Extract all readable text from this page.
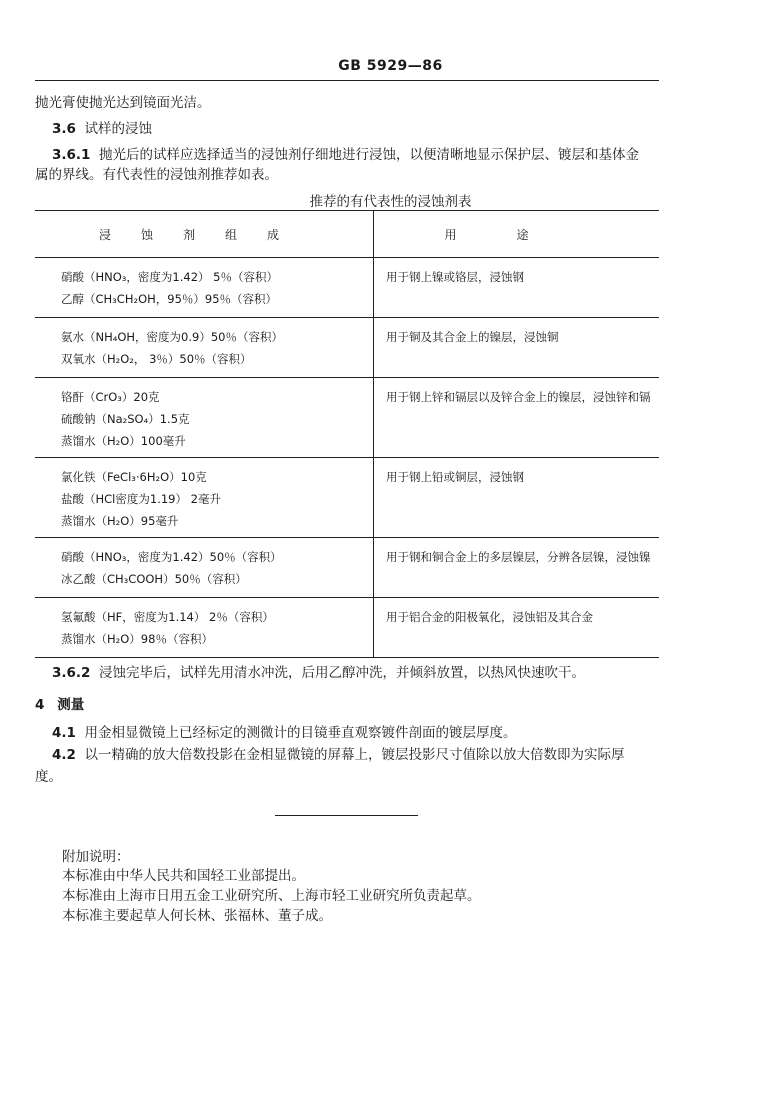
GB 5929—86
抛光膏使抛光达到镜面光洁。
3.6 试样的浸蚀
3.6.1 抛光后的试样应选择适当的浸蚀剂仔细地进行浸蚀，以便清晰地显示保护层、镀层和基体金
属的界线。有代表性的浸蚀剂推荐如表。
推荐的有代表性的浸蚀剂表
浸蚀剂组成	用途

硝酸（HNO₃，密度为1.42） 5％（容积）
乙醇（CH₃CH₂OH，95％）95％（容积）	用于钢上镍或铬层，浸蚀钢

氨水（NH₄OH，密度为0.9）50％（容积）
双氧水（H₂O₂， 3％）50％（容积）	用于铜及其合金上的镍层，浸蚀铜

铬酐（CrO₃）20克
硫酸钠（Na₂SO₄）1.5克
蒸馏水（H₂O）100毫升	用于钢上锌和镉层以及锌合金上的镍层，浸蚀锌和镉

氯化铁（FeCl₃·6H₂O）10克
盐酸（HCl密度为1.19） 2毫升
蒸馏水（H₂O）95毫升	用于钢上铅或铜层，浸蚀钢

硝酸（HNO₃，密度为1.42）50％（容积）
冰乙酸（CH₃COOH）50％（容积）	用于钢和铜合金上的多层镍层，分辨各层镍，浸蚀镍

氢氟酸（HF，密度为1.14） 2％（容积）
蒸馏水（H₂O）98％（容积）	用于铝合金的阳极氧化，浸蚀铝及其合金
3.6.2 浸蚀完毕后，试样先用清水冲洗，后用乙醇冲洗，并倾斜放置，以热风快速吹干。
4 测量
4.1 用金相显微镜上已经标定的测微计的目镜垂直观察镀件剖面的镀层厚度。
4.2 以一精确的放大倍数投影在金相显微镜的屏幕上，镀层投影尺寸值除以放大倍数即为实际厚
度。
附加说明：
本标准由中华人民共和国轻工业部提出。
本标准由上海市日用五金工业研究所、上海市轻工业研究所负责起草。
本标准主要起草人何长林、张福林、董子成。
